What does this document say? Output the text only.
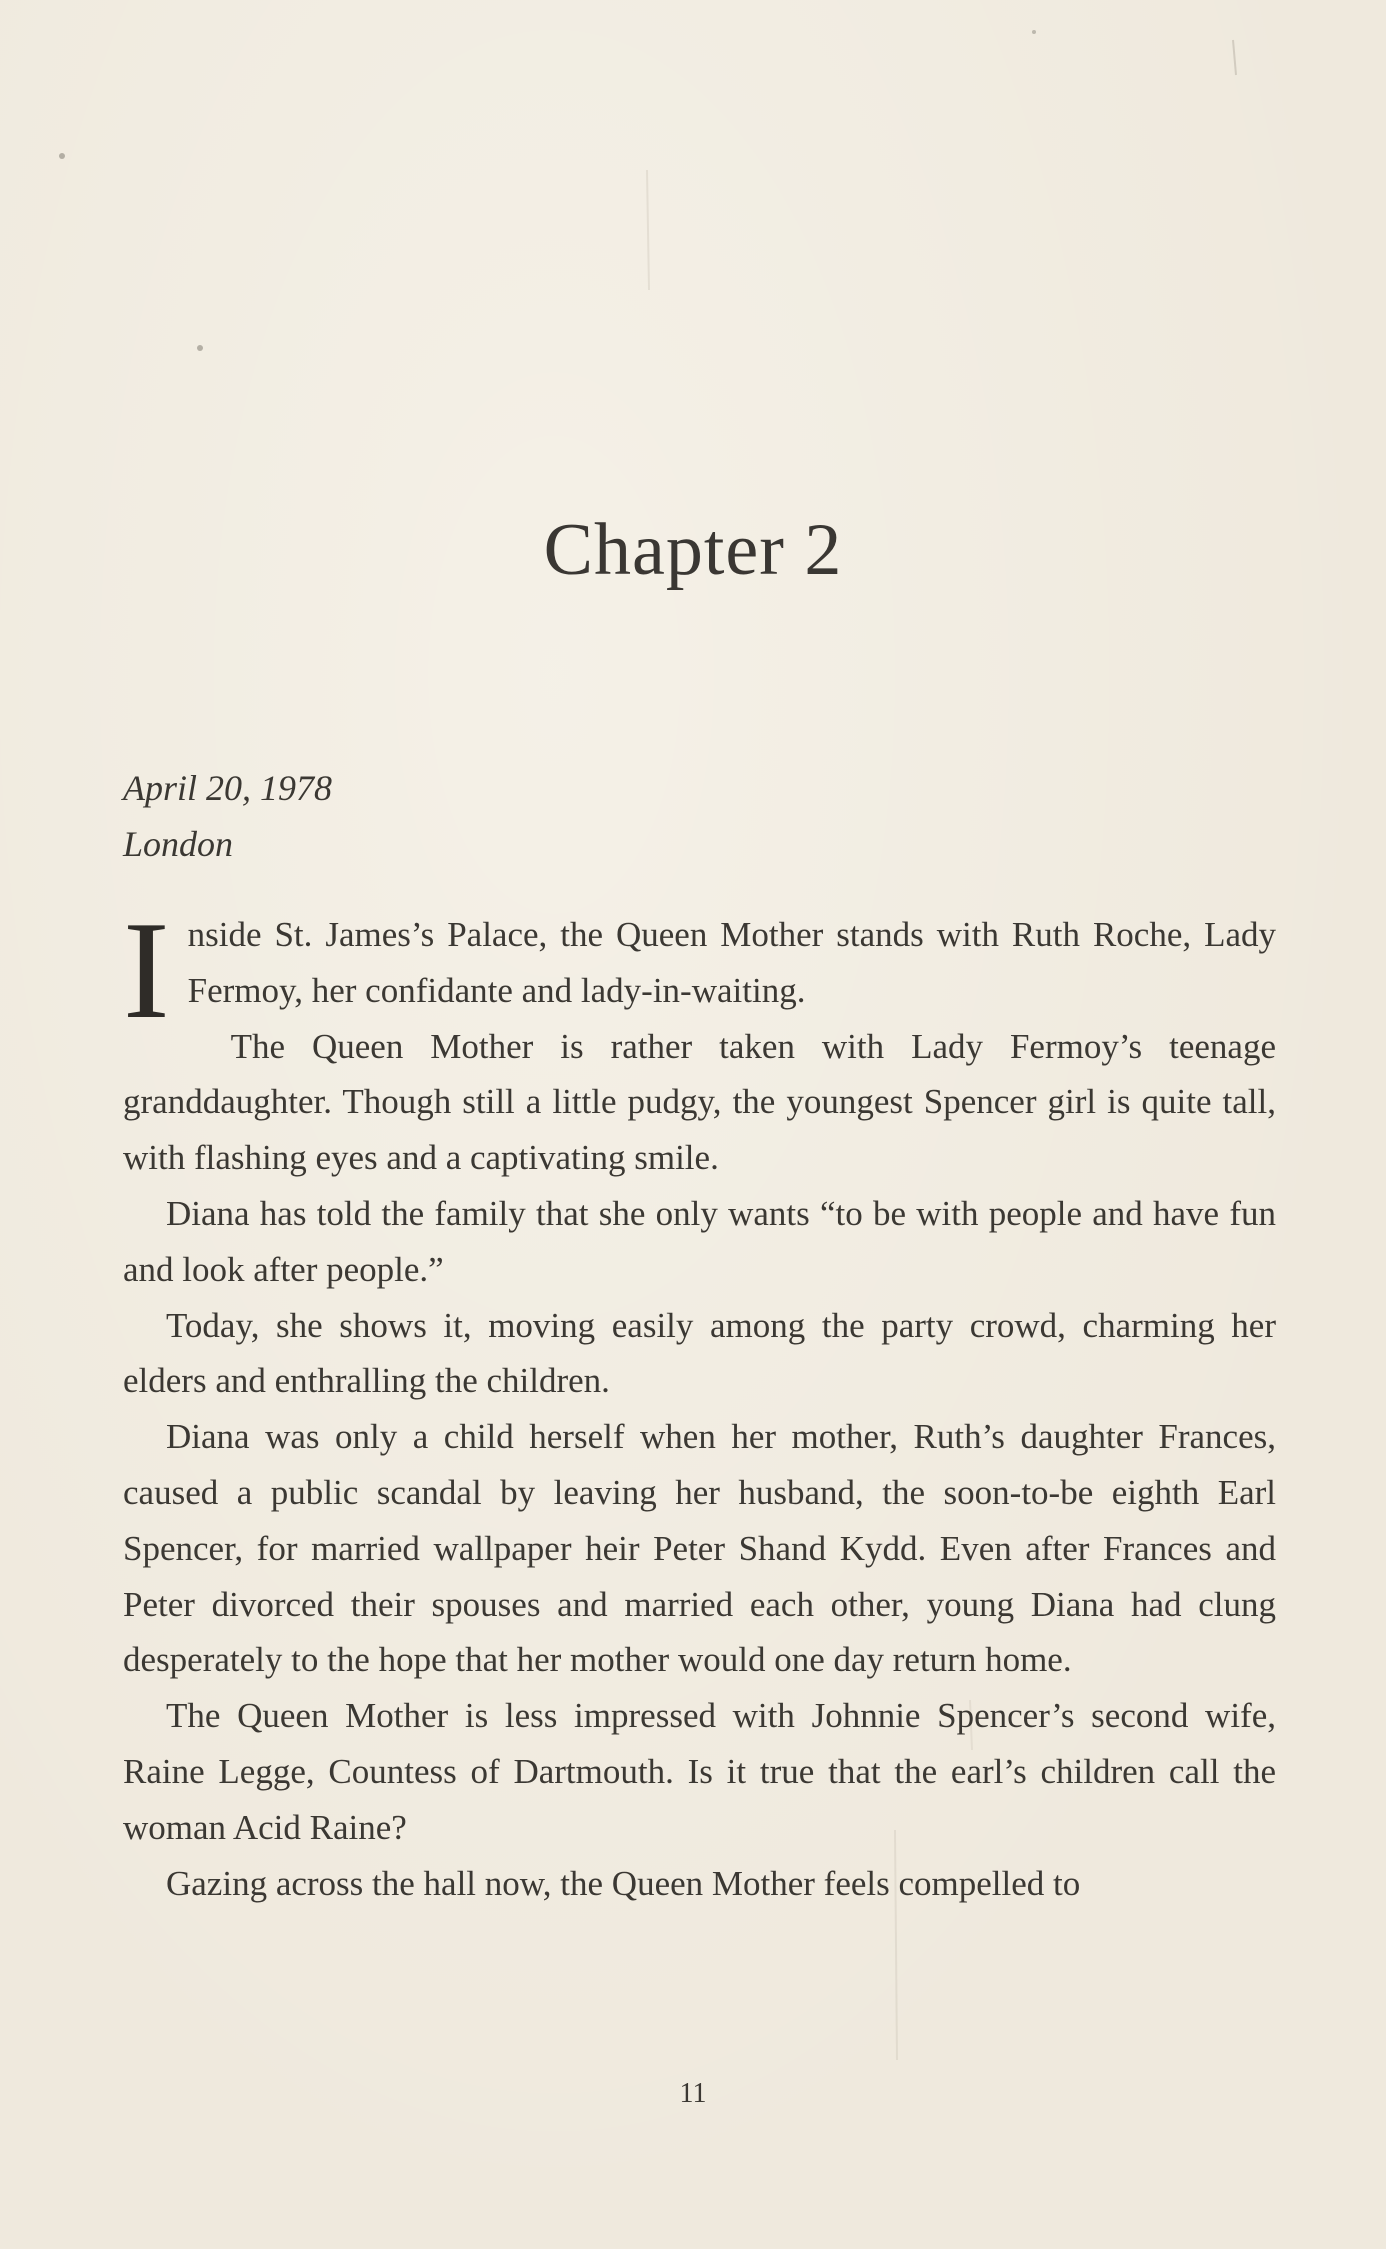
Chapter 2
April 20, 1978
London

Inside St. James’s Palace, the Queen Mother stands with Ruth Roche, Lady Fermoy, her confidante and lady-in-waiting.

The Queen Mother is rather taken with Lady Fermoy’s teenage granddaughter. Though still a little pudgy, the youngest Spencer girl is quite tall, with flashing eyes and a captivating smile.

Diana has told the family that she only wants “to be with people and have fun and look after people.”

Today, she shows it, moving easily among the party crowd, charming her elders and enthralling the children.

Diana was only a child herself when her mother, Ruth’s daughter Frances, caused a public scandal by leaving her husband, the soon-to-be eighth Earl Spencer, for married wallpaper heir Peter Shand Kydd. Even after Frances and Peter divorced their spouses and married each other, young Diana had clung desperately to the hope that her mother would one day return home.

The Queen Mother is less impressed with Johnnie Spencer’s second wife, Raine Legge, Countess of Dartmouth. Is it true that the earl’s children call the woman Acid Raine?

Gazing across the hall now, the Queen Mother feels compelled to

11
